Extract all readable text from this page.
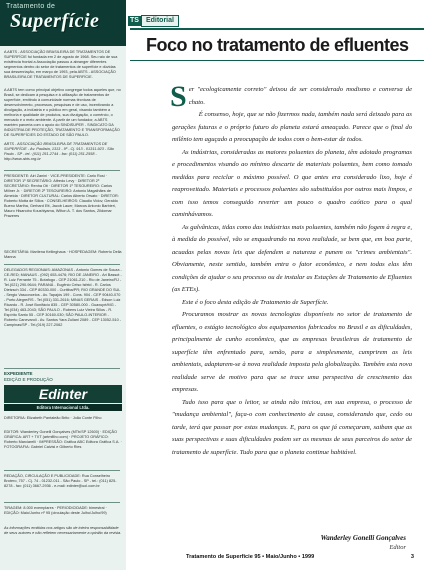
Tratamento de
Superfície
A ABTS - ASSOCIAÇÃO BRASILEIRA DE TRATAMENTOS DE SUPERFÍCIE foi fundada em 2 de agosto de 1968. Seu raio de sua existência frontal a Associação passou a abranger diferentes segmentos dentro do setor de tratamentos de superfície e dúvidas sua dessenriação, em março de 1993, pela ABTS - ASSOCIAÇÃO BRASILEIRA DE TRATAMENTOS DE SUPERFÍCIE.
A ABTS tem como principal objetivo congregar todos aqueles que, no Brasil, se dedicam à pesquisa e à utilização de tratamentos de superfície, emitindo à comunidade normas técnicas de desenvolvimento, processos, pesquisas e de uso, incentivando a divulgação, a indústria e o público em geral, visando também a melhoria e qualidade de produtos, sua divulgação, o comércio, o mercado e o meio ambiente. A partir de um fundador, a ABTS mantém parceria com o apoio do SINDISUPER - SINDICATO DA INDÚSTRIA DE PROTEÇÃO, TRATAMENTO E TRANSFORMAÇÃO DE SUPERFÍCIES DO ESTADO DE SÃO PAULO.
ABTS - ASSOCIAÇÃO BRASILEIRA DE TRATAMENTOS DE SUPERFÍCIE - Av. Paulista, 1313 - 9º - Cj. 913 - 01311-923 - São Paulo - SP - tel.: (011) 251-2744 - fax: (011) 251-2558 - http://www.abts.org.br
PRESIDENTE: Airi Zanini · VICE-PRESIDENTE: Carlo Rosi · DIRETOR 1º SECRETÁRIO: Alfredo Levy · DIRETOR 2º SECRETÁRIO: Renha Oti · DIRETOR 1º TESOUREIRO: Carlos Millner Jr. · DIRETOR 2º TESOUREIRO: Antonio Magalhães de Almeida · DIRETOR CULTURAL: Carlos Alberto Orsato · DIRETOR: Roberto Motta de Sillos · CONSELHEIROS: Claudio Vidov, Geraldo Bueno Martha, Gerhard Ett, Jacob Lauer, Marcos Antonio Barbieri, Mauro Hisanobu Koushiyama, Wilton A. T. dos Santos, Zildomar Prazeres
SECRETÁRIA: Marilena Kellinghaus · HOSPEDAGEM: Roberto Della Manna
DELEGADOS REGIONAIS: AMAZONAS - Antonio Gomes de Souza - CE-RED; MANAUS - (092) 653-4476; RIO DE JANEIRO - Ari Bassot - R. Luiz Ferrante 75 - Botafogo - CEP 21061-210 - Rio de Janeiro/RJ - Tel.(021) 290-9644; PARANÁ - Eugênio Celso Isfeld - R. Carlos Dietzsch 334 - CEP 80330-000 - Curitiba/PR; RIO GRANDE DO SUL - Sergio Vasconcelos - Av. Tapajós 199 - Cons. 904 - CEP 90440-070 - Porto Alegre/RS - Tel.(051) 331-2616; MINAS GERAIS - Edson Luiz Ricardo - R. José Bonifácio 835 - CEP 30580-000 - Guaxupé/MG - Tel.(034) 463-2043; SÃO PAULO - Rubens Luiz Vieira Sillos - R. Espírito Santo 55 - CEP 30160-030; SÃO PAULO-INTERIOR - Roberto Canevaroli - Av. Santos Yara Zuliani 2089 - CEP 13052-510 - Campinas/SP - Tel.(019) 227-2062
EXPEDIENTE
EDIÇÃO E PRODUÇÃO
Edinter
Editora Internacional Ltda.
DIRETORIA: Elizabeth Pantaleão Brito · João Conte Filho
EDITOR: Wanderley Gonelli Gonçalves (MTb/SP 12600) · EDIÇÃO GRÁFICA: ART + TXT (artmfilho.com) · PROJETO GRÁFICO: Roberto Marciarelli · IMPRESSÃO: Gráfica ABC Editora Gráfica S.A. · FOTOGRAFIA: Gabriel Calvisi e Gilberto Ries
REDAÇÃO, CIRCULAÇÃO E PUBLICIDADE: Rua Conselheiro Brotero, 757 - Cj. 74 - 01232-011 - São Paulo - SP - tel.: (011) 825-8278 - fax: (011) 3667-2936 - e-mail: edinter@uol.com.br
TIRAGEM: 8.000 exemplares · PERIODICIDADE: bimestral · EDIÇÃO: Maio/Junho nº 95 (circulação deste Julho/Julho/99)
As informações emitidas nos artigos são de inteira responsabilidade de seus autores e não refletem necessariamente a opinião da revista.
TS	Editorial
Foco no tratamento de efluentes

Ser "ecologicamente correto" deixou de ser considerado modismo e conversa de chato.

É consenso, hoje, que se não fizermos nada, também nada será deixado para as gerações futuras e o próprio futuro do planeta estará ameaçado. Parece que o final do milênio tem aguçado a preocupação de todos com o bem-estar de todos.

As indústrias, consideradas as maiores poluentes do planeta, têm adotado programas e procedimentos visando ao mínimo descarte de materiais poluentes, bem como tomado medidas para reciclar o máximo possível. O que antes era considerado lixo, hoje é reaproveitado. Materiais e processos poluentes são substituídos por outros mais limpos, e com isso temos conseguido reverter um pouco o quadro caótico para o qual caminhávamos.

As galvânicas, tidas como das indústrias mais poluentes, também não fogem à regra e, à medida do possível, vão se enquadrando na nova realidade, se bem que, em boa parte, acuadas pelas novas leis que defendem a natureza e punem os "crimes ambientais". Obviamente, neste sentido, também entra o fator econômico, e nem todas elas têm condições de ajudar o seu processo ou de instalar as Estações de Tratamento de Efluentes (as ETEs).

Este é o foco desta edição de Tratamento de Superfície.

Procuramos mostrar as novas tecnologias disponíveis no setor de tratamento de efluentes, o estágio tecnológico dos equipamentos fabricados no Brasil e as dificuldades, principalmente de cunho econômico, que as empresas brasileiras de tratamento de superfície têm enfrentado para, senão, para a simplesmente, cumprirem as leis ambientais, adaptarem-se à nova realidade imposta pela globalização. Também esta nova realidade serve de motivo para que se trace uma perspectiva de crescimento das empresas.

Tudo isso para que o leitor, se ainda não iniciou, em sua empresa, o processo de "mudança ambiental", faça-o com conhecimento de causa, considerando que, cedo ou tarde, terá que passar por estas mudanças. E, para os que já começaram, saibam que as suas perspectivas e suas dificuldades podem ser as mesmas de seus parceiros do setor de tratamento de superfície. Tudo para que o planeta continue habitável.

Wanderley Gonelli Gonçalves
Editor
Tratamento de Superfície 95 • Maio/Junho • 1999	3
